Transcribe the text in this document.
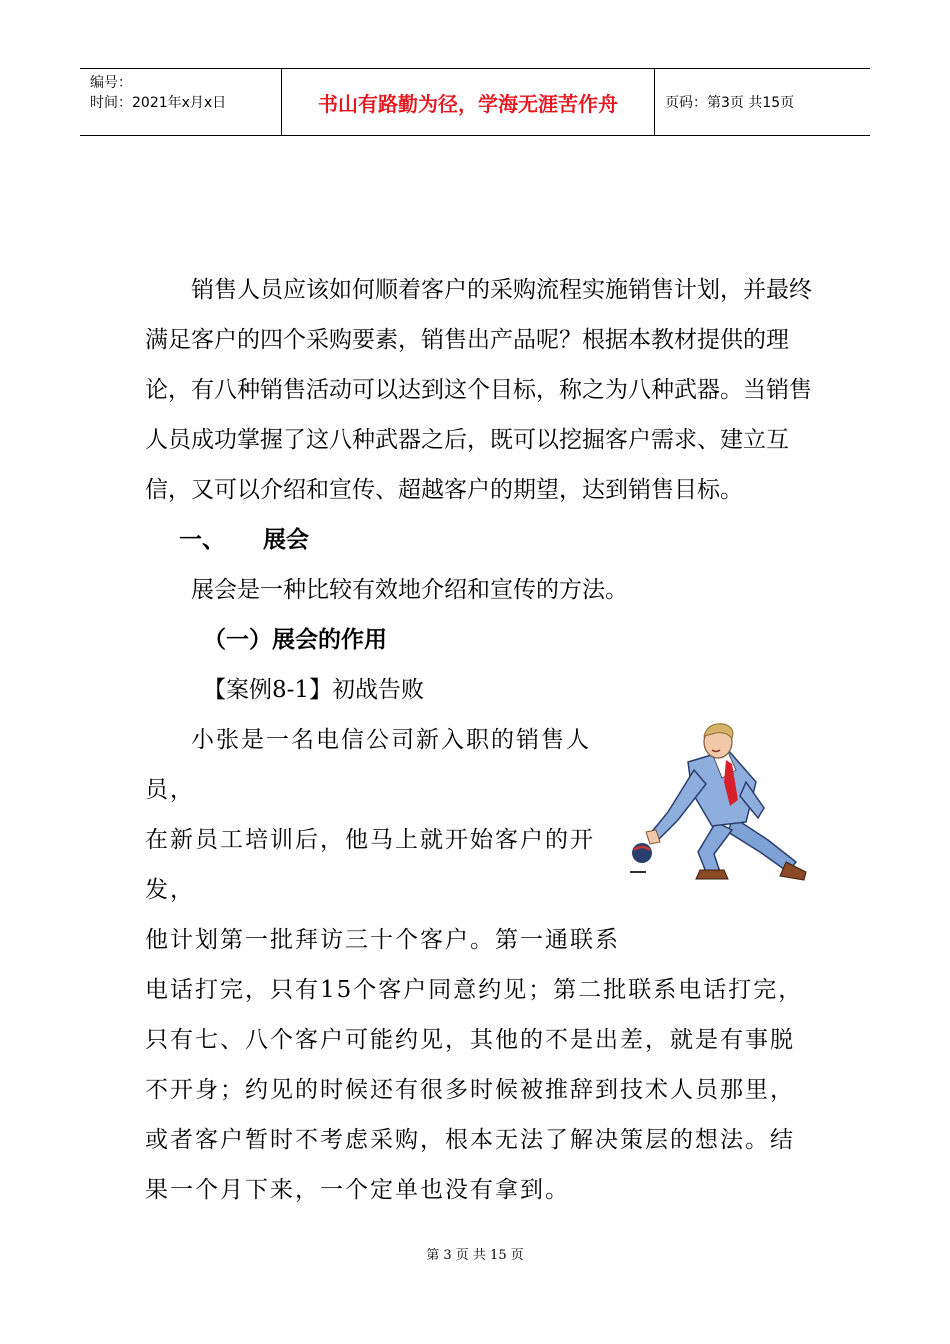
编号：
时间：2021年x月x日	书山有路勤为径，学海无涯苦作舟	页码：第3页 共15页

销售人员应该如何顺着客户的采购流程实施销售计划，并最终满足客户的四个采购要素，销售出产品呢？根据本教材提供的理论，有八种销售活动可以达到这个目标，称之为八种武器。当销售人员成功掌握了这八种武器之后，既可以挖掘客户需求、建立互信，又可以介绍和宣传、超越客户的期望，达到销售目标。

一、 展会

展会是一种比较有效地介绍和宣传的方法。

（一）展会的作用

【案例8-1】初战告败

小张是一名电信公司新入职的销售人员，

在新员工培训后，他马上就开始客户的开发，

他计划第一批拜访三十个客户。第一通联系

电话打完，只有15个客户同意约见；第二批联系电话打完，只有七、八个客户可能约见，其他的不是出差，就是有事脱不开身；约见的时候还有很多时候被推辞到技术人员那里，或者客户暂时不考虑采购，根本无法了解决策层的想法。结果一个月下来，一个定单也没有拿到。

第 3 页 共 15 页
